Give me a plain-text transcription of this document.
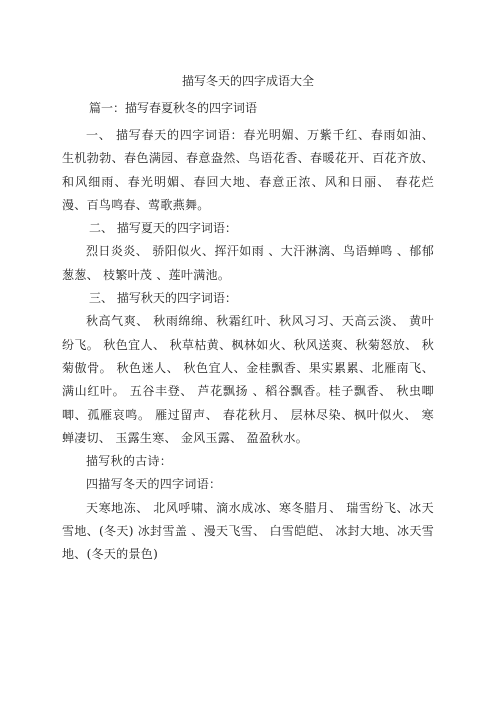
描写冬天的四字成语大全
篇一：描写春夏秋冬的四字词语

一、 描写春天的四字词语：春光明媚、万紫千红、春雨如油、生机勃勃、春色满园、春意盎然、鸟语花香、春暖花开、百花齐放、和风细雨、春光明媚、春回大地、春意正浓、风和日丽、 春花烂漫、百鸟鸣春、莺歌燕舞。

二、 描写夏天的四字词语：

烈日炎炎、 骄阳似火、挥汗如雨 、大汗淋漓、鸟语蝉鸣 、郁郁葱葱、 枝繁叶茂 、莲叶满池。

三、 描写秋天的四字词语：

秋高气爽、 秋雨绵绵、秋霜红叶、秋风习习、天高云淡、 黄叶纷飞。 秋色宜人、 秋草枯黄、枫林如火、秋风送爽、秋菊怒放、 秋菊傲骨。 秋色迷人、 秋色宜人、金桂飘香、果实累累、北雁南飞、 满山红叶。 五谷丰登、 芦花飘扬 、稻谷飘香。桂子飘香、 秋虫唧唧、孤雁哀鸣。 雁过留声、 春花秋月、 层林尽染、枫叶似火、 寒蝉凄切、 玉露生寒、 金风玉露、 盈盈秋水。

描写秋的古诗：

四描写冬天的四字词语：

天寒地冻、 北风呼啸、滴水成冰、寒冬腊月、 瑞雪纷飞、冰天雪地、(冬天) 冰封雪盖 、漫天飞雪、 白雪皑皑、 冰封大地、冰天雪地、(冬天的景色)
